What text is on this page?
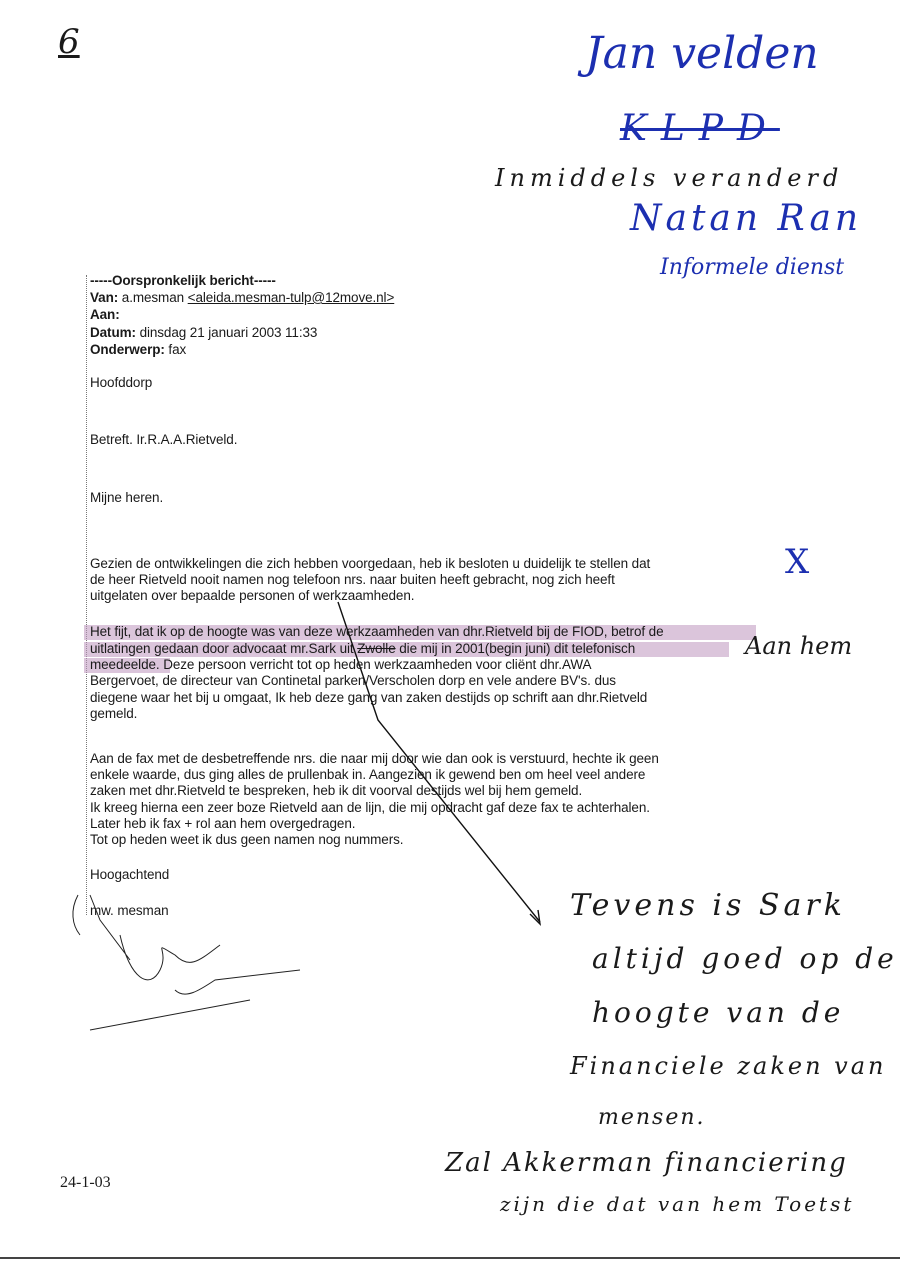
6	Jan velden
KLPD
Inmiddels veranderd
Natan Ran
Informele dienst
-----Oorspronkelijk bericht-----
Van: a.mesman <aleida.mesman-tulp@12move.nl>
Aan:
Datum: dinsdag 21 januari 2003 11:33
Onderwerp: fax
Hoofddorp
Betreft. Ir.R.A.A.Rietveld.
Mijne heren.
Gezien de ontwikkelingen die zich hebben voorgedaan, heb ik besloten u duidelijk te stellen dat
de heer Rietveld nooit namen nog telefoon nrs. naar buiten heeft gebracht, nog zich heeft
uitgelaten over bepaalde personen of werkzaamheden.
Het fijt, dat ik op de hoogte was van deze werkzaamheden van dhr.Rietveld bij de FIOD, betrof de
uitlatingen gedaan door advocaat mr.Sark uit Zwolle die mij in 2001(begin juni) dit telefonisch
meedeelde. Deze persoon verricht tot op heden werkzaamheden voor cliënt dhr.AWA
Bergervoet, de directeur van Continetal parken/Verscholen dorp en vele andere BV's. dus
diegene waar het bij u omgaat, Ik heb deze gang van zaken destijds op schrift aan dhr.Rietveld
gemeld.
Aan de fax met de desbetreffende nrs. die naar mij door wie dan ook is verstuurd, hechte ik geen
enkele waarde, dus ging alles de prullenbak in. Aangezien ik gewend ben om heel veel andere
zaken met dhr.Rietveld te bespreken, heb ik dit voorval destijds wel bij hem gemeld.
Ik kreeg hierna een zeer boze Rietveld aan de lijn, die mij opdracht gaf deze fax te achterhalen.
Later heb ik fax + rol aan hem overgedragen.
Tot op heden weet ik dus geen namen nog nummers.
Hoogachtend
mw. mesman
X
Aan hem
Tevens is Sark
altijd goed op de
hoogte van de
Financiele zaken van
mensen.
Zal Akkerman financiering
zijn die dat van hem Toetst
24-1-03
